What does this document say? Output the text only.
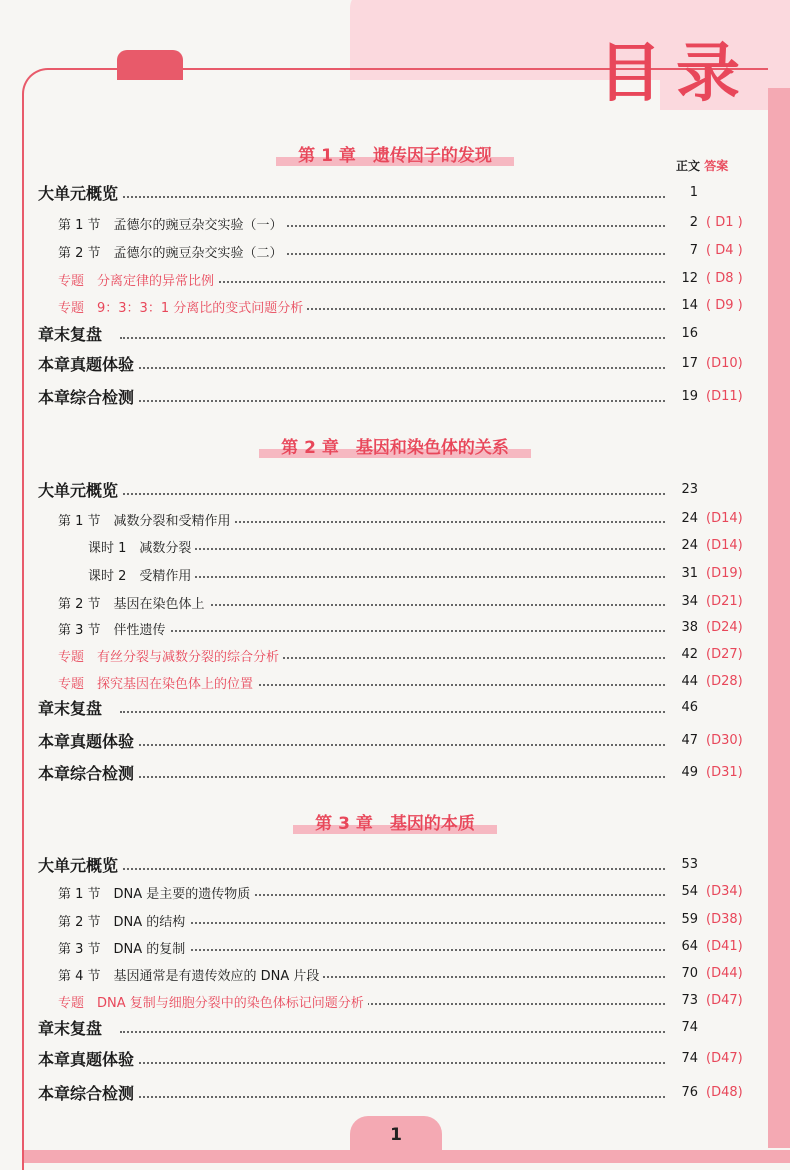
目录
正文 答案
第 1 章　遗传因子的发现
大单元概览	1
第 1 节　孟德尔的豌豆杂交实验（一）	2 ( D1 )
第 2 节　孟德尔的豌豆杂交实验（二）	7 ( D4 )
专题　分离定律的异常比例	12 ( D8 )
专题　9：3：3：1 分离比的变式问题分析	14 ( D9 )
章末复盘	16
本章真题体验	17 (D10)
本章综合检测	19 (D11)
第 2 章　基因和染色体的关系
大单元概览	23
第 1 节　减数分裂和受精作用	24 (D14)
课时 1　减数分裂	24 (D14)
课时 2　受精作用	31 (D19)
第 2 节　基因在染色体上	34 (D21)
第 3 节　伴性遗传	38 (D24)
专题　有丝分裂与减数分裂的综合分析	42 (D27)
专题　探究基因在染色体上的位置	44 (D28)
章末复盘	46
本章真题体验	47 (D30)
本章综合检测	49 (D31)
第 3 章　基因的本质
大单元概览	53
第 1 节　DNA 是主要的遗传物质	54 (D34)
第 2 节　DNA 的结构	59 (D38)
第 3 节　DNA 的复制	64 (D41)
第 4 节　基因通常是有遗传效应的 DNA 片段	70 (D44)
专题　DNA 复制与细胞分裂中的染色体标记问题分析	73 (D47)
章末复盘	74
本章真题体验	74 (D47)
本章综合检测	76 (D48)
1
